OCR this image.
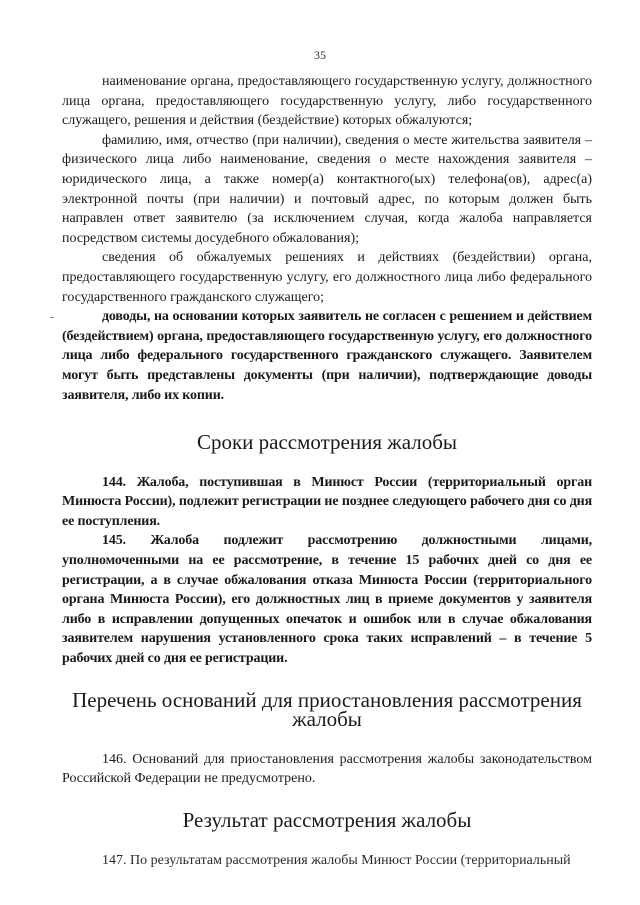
35

наименование органа, предоставляющего государственную услугу, должностного лица органа, предоставляющего государственную услугу, либо государственного служащего, решения и действия (бездействие) которых обжалуются;

фамилию, имя, отчество (при наличии), сведения о месте жительства заявителя – физического лица либо наименование, сведения о месте нахождения заявителя – юридического лица, а также номер(а) контактного(ых) телефона(ов), адрес(а) электронной почты (при наличии) и почтовый адрес, по которым должен быть направлен ответ заявителю (за исключением случая, когда жалоба направляется посредством системы досудебного обжалования);

сведения об обжалуемых решениях и действиях (бездействии) органа, предоставляющего государственную услугу, его должностного лица либо федерального государственного гражданского служащего;

доводы, на основании которых заявитель не согласен с решением и действием (бездействием) органа, предоставляющего государственную услугу, его должностного лица либо федерального государственного гражданского служащего. Заявителем могут быть представлены документы (при наличии), подтверждающие доводы заявителя, либо их копии.

Сроки рассмотрения жалобы

144. Жалоба, поступившая в Минюст России (территориальный орган Минюста России), подлежит регистрации не позднее следующего рабочего дня со дня ее поступления.

145. Жалоба подлежит рассмотрению должностными лицами, уполномоченными на ее рассмотрение, в течение 15 рабочих дней со дня ее регистрации, а в случае обжалования отказа Минюста России (территориального органа Минюста России), его должностных лиц в приеме документов у заявителя либо в исправлении допущенных опечаток и ошибок или в случае обжалования заявителем нарушения установленного срока таких исправлений – в течение 5 рабочих дней со дня ее регистрации.

Перечень оснований для приостановления рассмотрения жалобы

146. Оснований для приостановления рассмотрения жалобы законодательством Российской Федерации не предусмотрено.

Результат рассмотрения жалобы

147. По результатам рассмотрения жалобы Минюст России (территориальный
